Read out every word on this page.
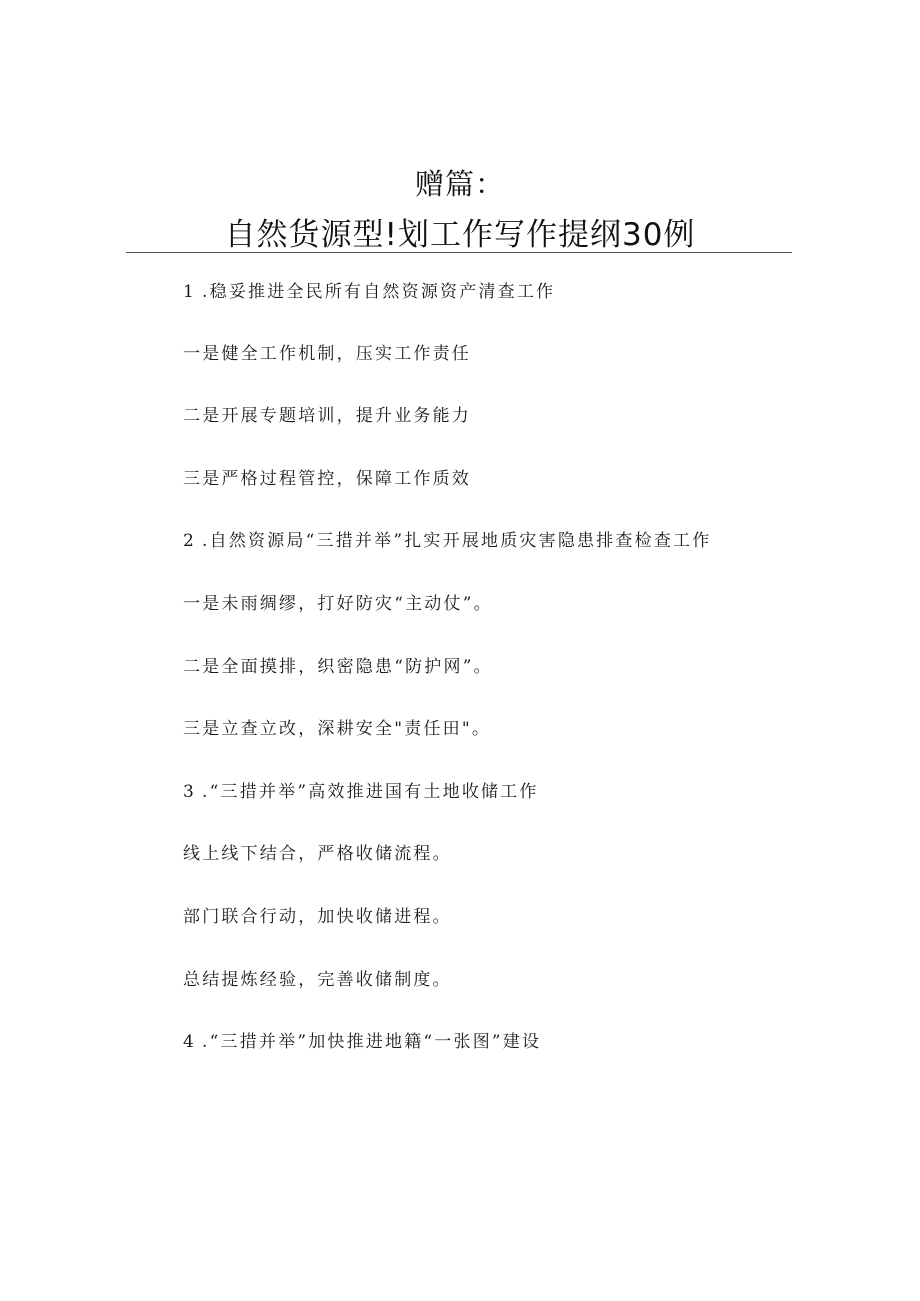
赠篇：
自然货源型!划工作写作提纲30例
1 .稳妥推进全民所有自然资源资产清查工作
一是健全工作机制，压实工作责任
二是开展专题培训，提升业务能力
三是严格过程管控，保障工作质效
2 .自然资源局“三措并举”扎实开展地质灾害隐患排查检查工作
一是未雨绸缪，打好防灾“主动仗”。
二是全面摸排，织密隐患“防护网”。
三是立查立改，深耕安全"责任田"。
3 .“三措并举”高效推进国有土地收储工作
线上线下结合，严格收储流程。
部门联合行动，加快收储进程。
总结提炼经验，完善收储制度。
4 .“三措并举”加快推进地籍“一张图”建设
